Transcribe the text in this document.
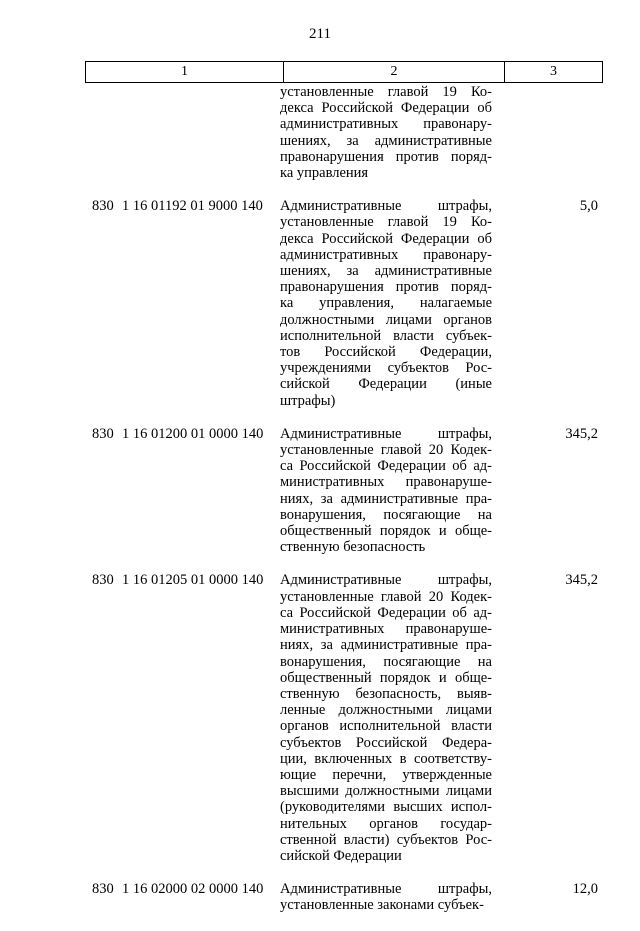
211
1	2	3
установленные главой 19 Ко-
декса Российской Федерации об
административных правонару-
шениях, за административные
правонарушения против поряд-
ка управления
830 1 16 01192 01 9000 140	Административные штрафы,
установленные главой 19 Ко-
декса Российской Федерации об
административных правонару-
шениях, за административные
правонарушения против поряд-
ка управления, налагаемые
должностными лицами органов
исполнительной власти субъек-
тов Российской Федерации,
учреждениями субъектов Рос-
сийской Федерации (иные
штрафы)
5,0
830 1 16 01200 01 0000 140	Административные штрафы,
установленные главой 20 Кодек-
са Российской Федерации об ад-
министративных правонаруше-
ниях, за административные пра-
вонарушения, посягающие на
общественный порядок и обще-
ственную безопасность
345,2
830 1 16 01205 01 0000 140	Административные штрафы,
установленные главой 20 Кодек-
са Российской Федерации об ад-
министративных правонаруше-
ниях, за административные пра-
вонарушения, посягающие на
общественный порядок и обще-
ственную безопасность, выяв-
ленные должностными лицами
органов исполнительной власти
субъектов Российской Федера-
ции, включенных в соответству-
ющие перечни, утвержденные
высшими должностными лицами
(руководителями высших испол-
нительных органов государ-
ственной власти) субъектов Рос-
сийской Федерации
345,2
830 1 16 02000 02 0000 140	Административные штрафы,
установленные законами субъек-
12,0
